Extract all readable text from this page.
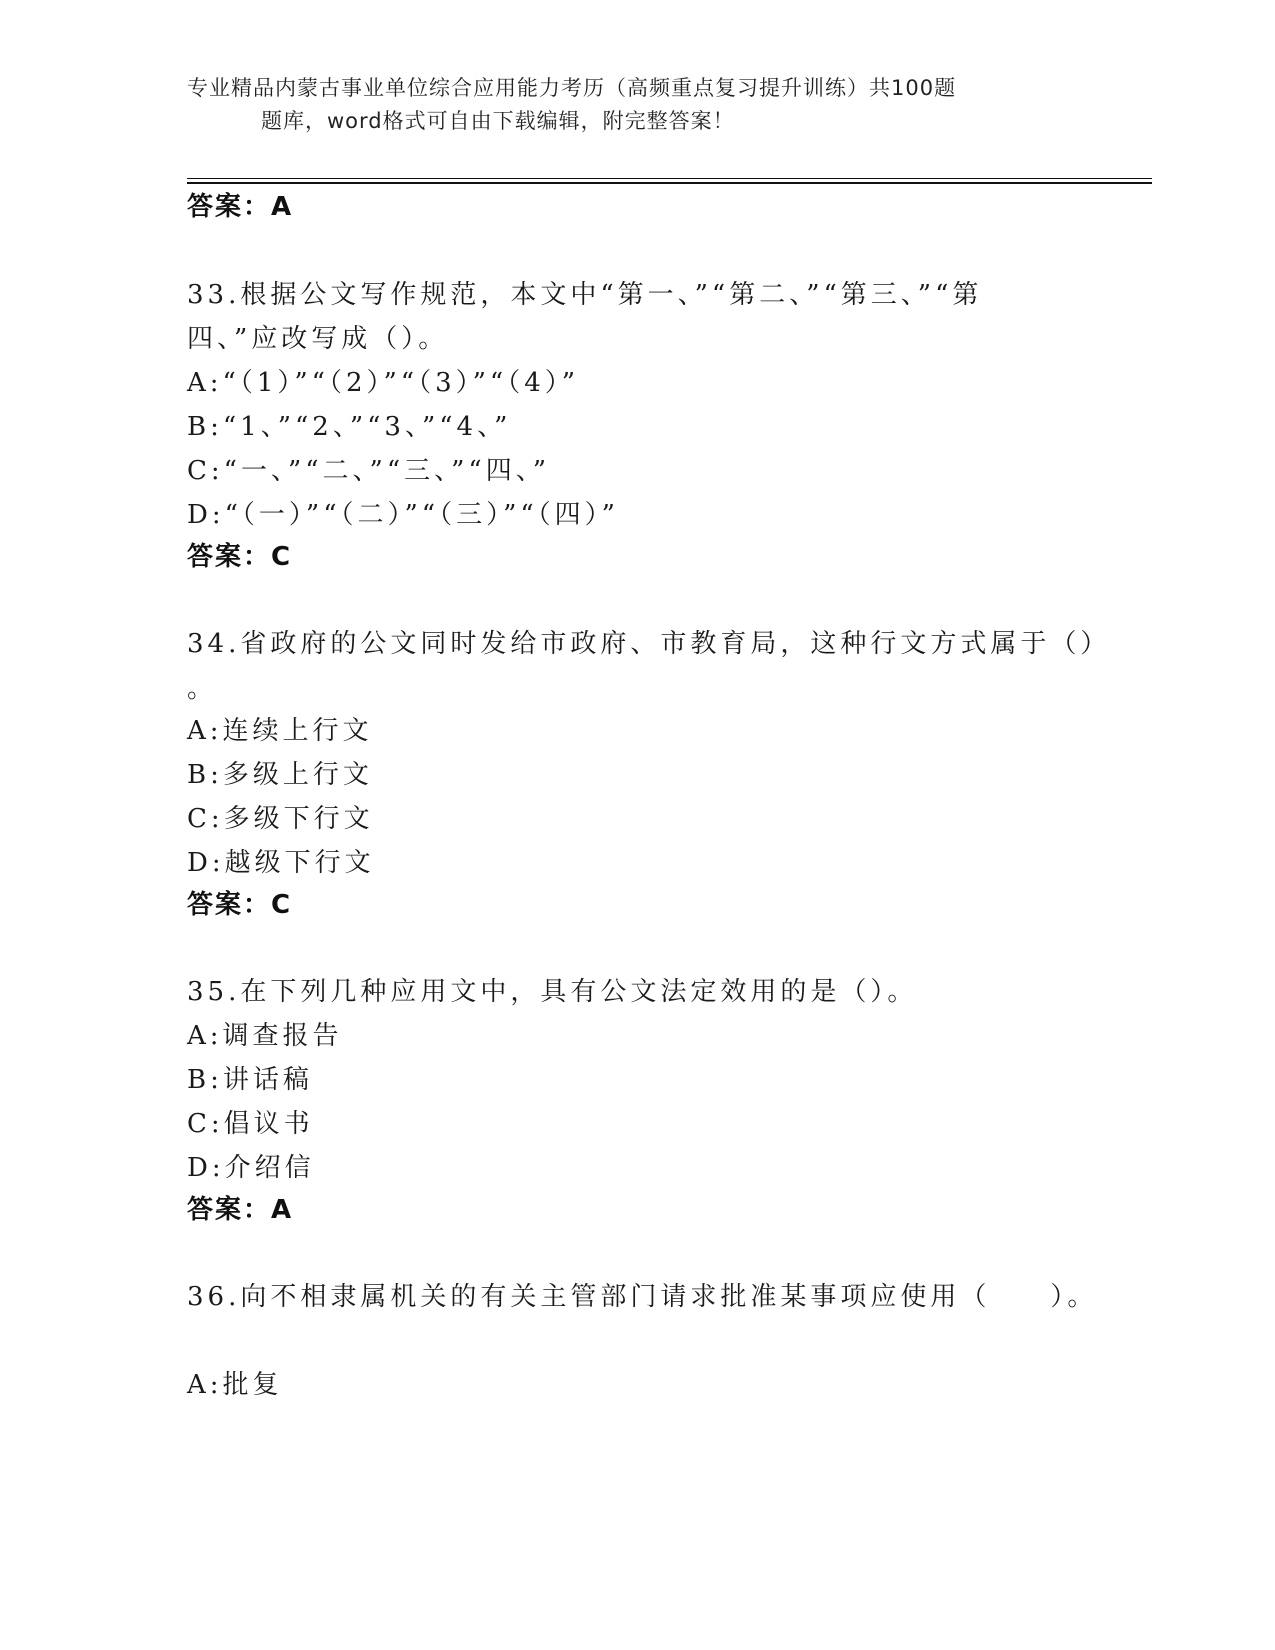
专业精品内蒙古事业单位综合应用能力考历（高频重点复习提升训练）共100题
题库，word格式可自由下载编辑，附完整答案！
答案：A
33.根据公文写作规范，本文中“第一、”“第二、”“第三、”“第
四、”应改写成（）。
A:“（1）”“（2）”“（3）”“（4）”
B:“1、”“2、”“3、”“4、”
C:“一、”“二、”“三、”“四、”
D:“（一）”“（二）”“（三）”“（四）”
答案：C
34.省政府的公文同时发给市政府、市教育局，这种行文方式属于（）
。
A:连续上行文
B:多级上行文
C:多级下行文
D:越级下行文
答案：C
35.在下列几种应用文中，具有公文法定效用的是（）。
A:调查报告
B:讲话稿
C:倡议书
D:介绍信
答案：A
36.向不相隶属机关的有关主管部门请求批准某事项应使用（　　）。
A:批复
